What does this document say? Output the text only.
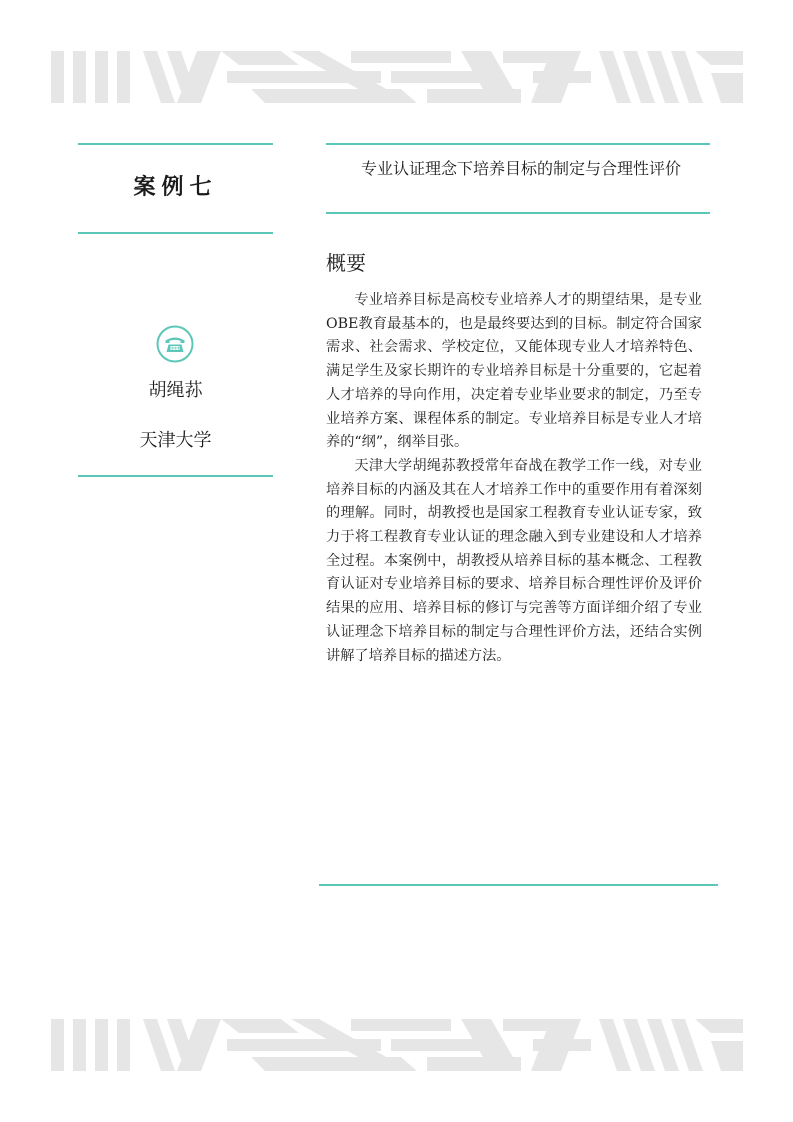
案例七
胡绳荪
天津大学
专业认证理念下培养目标的制定与合理性评价
概要

专业培养目标是高校专业培养人才的期望结果，是专业OBE教育最基本的，也是最终要达到的目标。制定符合国家需求、社会需求、学校定位，又能体现专业人才培养特色、满足学生及家长期许的专业培养目标是十分重要的，它起着人才培养的导向作用，决定着专业毕业要求的制定，乃至专业培养方案、课程体系的制定。专业培养目标是专业人才培养的“纲”，纲举目张。

天津大学胡绳荪教授常年奋战在教学工作一线，对专业培养目标的内涵及其在人才培养工作中的重要作用有着深刻的理解。同时，胡教授也是国家工程教育专业认证专家，致力于将工程教育专业认证的理念融入到专业建设和人才培养全过程。本案例中，胡教授从培养目标的基本概念、工程教育认证对专业培养目标的要求、培养目标合理性评价及评价结果的应用、培养目标的修订与完善等方面详细介绍了专业认证理念下培养目标的制定与合理性评价方法，还结合实例讲解了培养目标的描述方法。
